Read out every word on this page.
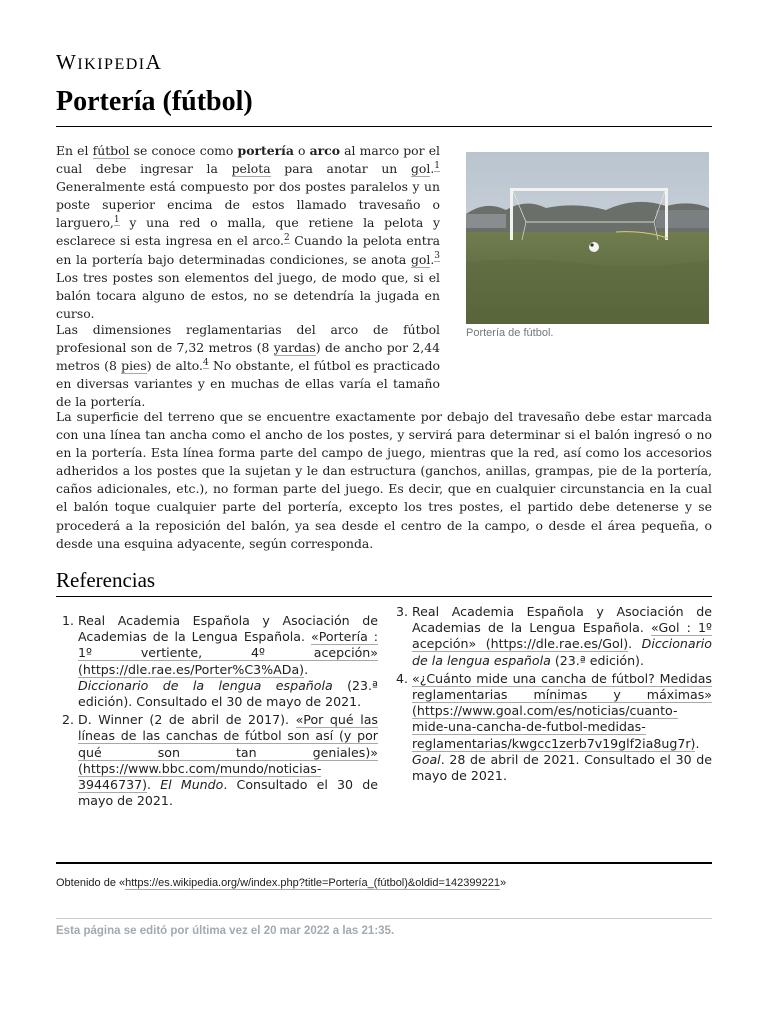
WIKIPEDIA
Portería (fútbol)

En el fútbol se conoce como portería o arco al marco por el cual debe ingresar la pelota para anotar un gol.$^1$ Generalmente está compuesto por dos postes paralelos y un poste superior encima de estos llamado travesaño o larguero,$^1$ y una red o malla, que retiene la pelota y esclarece si esta ingresa en el arco.$^2$ Cuando la pelota entra en la portería bajo determinadas condiciones, se anota gol.$^3$ Los tres postes son elementos del juego, de modo que, si el balón tocara alguno de estos, no se detendría la jugada en curso.

Las dimensiones reglamentarias del arco de fútbol profesional son de 7,32 metros (8 yardas) de ancho por 2,44 metros (8 pies) de alto.$^4$ No obstante, el fútbol es practicado en diversas variantes y en muchas de ellas varía el tamaño de la portería.

Portería de fútbol.

La superficie del terreno que se encuentre exactamente por debajo del travesaño debe estar marcada con una línea tan ancha como el ancho de los postes, y servirá para determinar si el balón ingresó o no en la portería. Esta línea forma parte del campo de juego, mientras que la red, así como los accesorios adheridos a los postes que la sujetan y le dan estructura (ganchos, anillas, grampas, pie de la portería, caños adicionales, etc.), no forman parte del juego. Es decir, que en cualquier circunstancia en la cual el balón toque cualquier parte del portería, excepto los tres postes, el partido debe detenerse y se procederá a la reposición del balón, ya sea desde el centro de la campo, o desde el área pequeña, o desde una esquina adyacente, según corresponda.

Referencias
1. Real Academia Española y Asociación de Academias de la Lengua Española. «Portería : 1º vertiente, 4º acepción» (https://dle.rae.es/Porter%C3%ADa). Diccionario de la lengua española (23.ª edición). Consultado el 30 de mayo de 2021.
2. D. Winner (2 de abril de 2017). «Por qué las líneas de las canchas de fútbol son así (y por qué son tan geniales)» (https://www.bbc.com/mundo/noticias-39446737). El Mundo. Consultado el 30 de mayo de 2021.
3. Real Academia Española y Asociación de Academias de la Lengua Española. «Gol : 1º acepción» (https://dle.rae.es/Gol). Diccionario de la lengua española (23.ª edición).
4. «¿Cuánto mide una cancha de fútbol? Medidas reglamentarias mínimas y máximas» (https://www.goal.com/es/noticias/cuanto-mide-una-cancha-de-futbol-medidas-reglamentarias/kwgcc1zerb7v19glf2ia8ug7r). Goal. 28 de abril de 2021. Consultado el 30 de mayo de 2021.
Obtenido de «https://es.wikipedia.org/w/index.php?title=Portería_(fútbol)&oldid=142399221»
Esta página se editó por última vez el 20 mar 2022 a las 21:35.
